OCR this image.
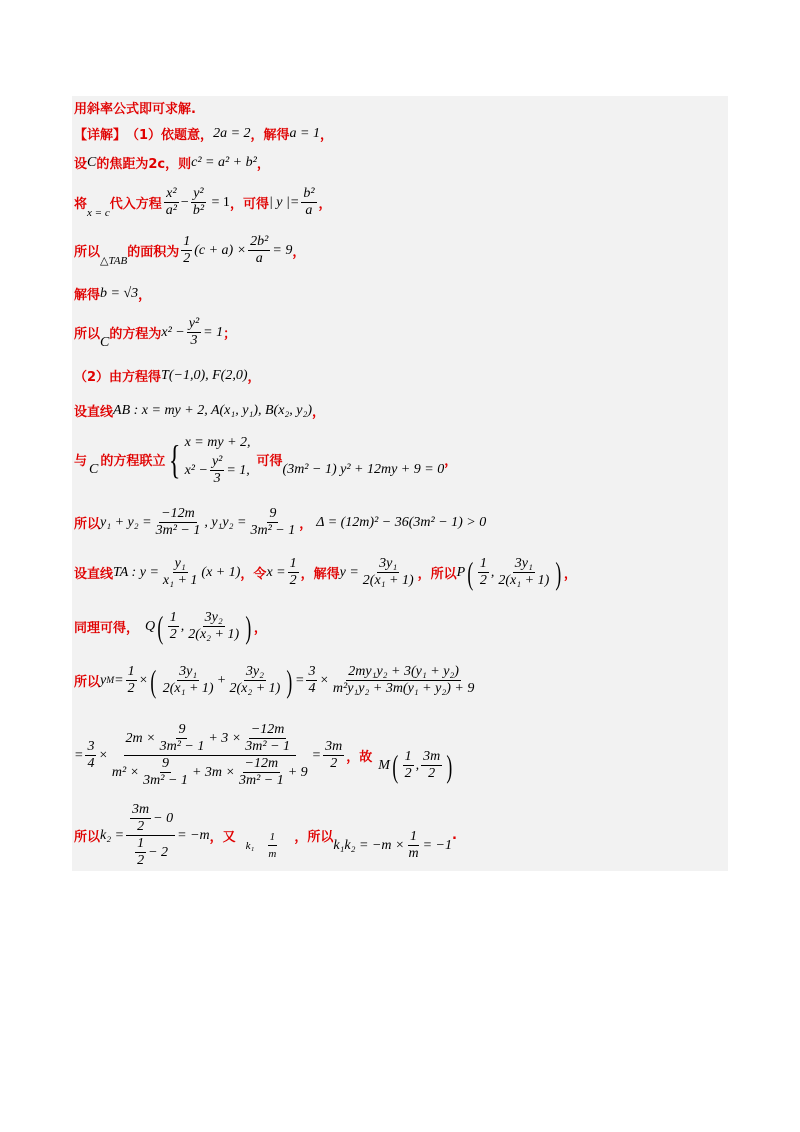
用斜率公式即可求解.
【详解】 （1）依题意， 2a = 2 ，解得 a = 1 ，
设 C 的焦距为2c，则 c² = a² + b² ，
将
x = c
代入方程 $\frac{\text{x²}}{\text{a²}} - \frac{\text{y²}}{\text{b²}} = 1$ ，可得 | y |= $\frac{\text{b²}}{a}$ ，
所以
△TAB
的面积为 $\frac{1}{2} (c + a) \times \frac{\text{2b²}}{a} = 9$ ，
解得 b = √3 ，
所以 C 的方程为 $x^2 - \frac{\text{y²}}{3} = 1$ ；
（2）由方程得 T(−1,0), F(2,0) ，
设直线 AB : x = my + 2, A(x₁, y₁), B(x₂, y₂) ，
与 C 的方程联立 { x = my + 2,
$x^2 - \frac{\text{y²}}{3} = 1$,
可得 (3m² − 1) y² + 12my + 9 = 0 ，
所以 $y_1 + y_2 = \frac{-12m}{\text{3m² − 1}}$ , $y_1y_2 = \frac{9}{\text{3m² − 1}}$ ， Δ = (12m)² − 36(3m² − 1) > 0
设直线 TA : $y = \frac{\text{y₁}}{\text{x₁ + 1}} (x + 1)$ ，令 $x = \frac{1}{2}$ ，解得 $y = \frac{\text{3y₁}}{\text{2(x₁ + 1)}}$ ，所以 P ( $\frac{1}{2}$ , $\frac{\text{3y₁}}{\text{2(x₁ + 1)}}$ ) ，
同理可得， Q ( $\frac{1}{2}$ , $\frac{\text{3y₂}}{\text{2(x₂ + 1)}}$ ) ，
所以 y $M = \frac{1}{2}$ × ( $\frac{\text{3y₁}}{\text{2(x₁ + 1)}} + \frac{\text{3y₂}}{\text{2(x₂ + 1)}}$ ) = $\frac{3}{4} \times \frac{\text{2my₁y₂ + 3(y₁ + y₂)}}{\text{m²y₁y₂ + 3m(y₁ + y₂) + 9}}$
= $\frac{3}{4} \times \frac{2m \times \frac{9}{\text{3m² − 1}} + 3 \times \frac{-12m}{\text{3m² − 1}}}{m^2 \times \frac{9}{\text{3m² − 1}} + 3m \times \frac{-12m}{\text{3m² − 1}} + 9} = \frac{3m}{2}$ ，故 M ( $\frac{1}{2}$ , $\frac{3m}{2}$ )
所以 $k_2 = \frac{\frac{3m}{2} - 0}{\frac{1}{2} - 2} = -m$ ，又
$k_1 \frac{1}{m}$ ，所以 $k_1k_2 = -m \times \frac{1}{m} = -1$
.
